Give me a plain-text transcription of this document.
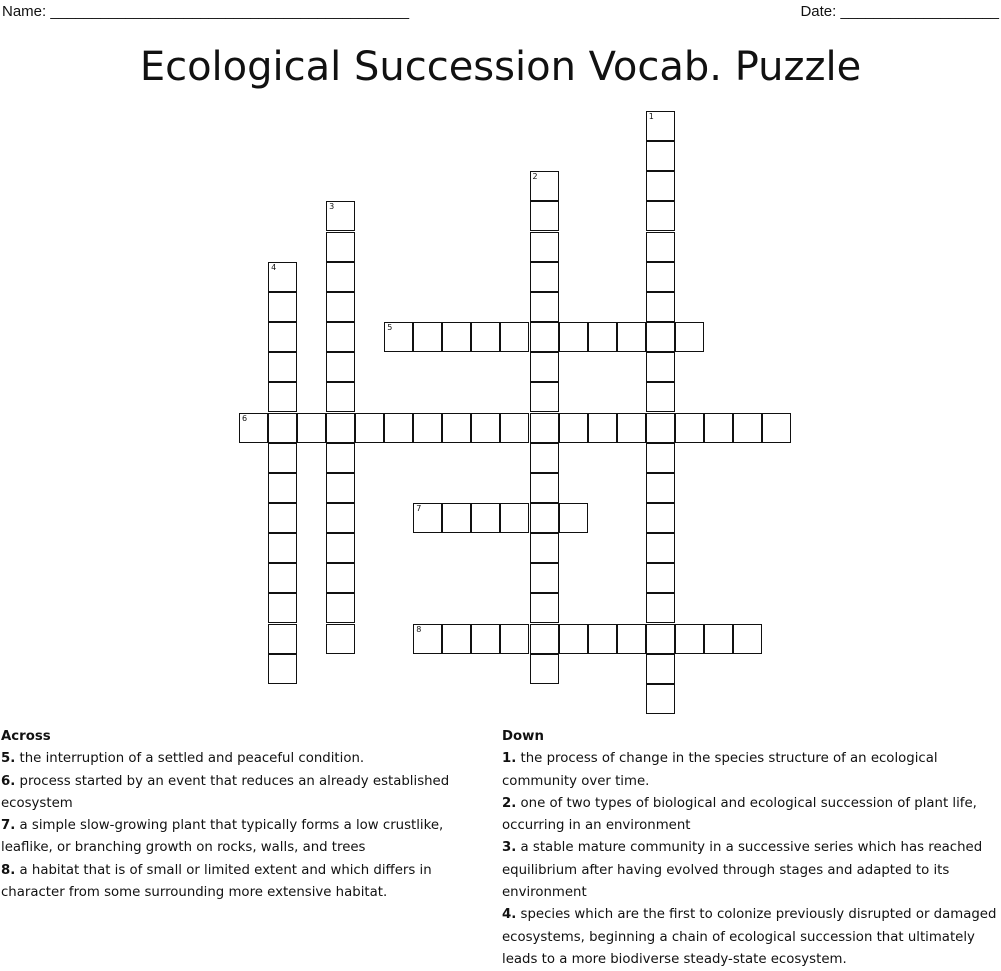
Name: ___________________________________________	Date: ___________________
Ecological Succession Vocab. Puzzle
1
2
3
4
5
6
7
8
Across

5. the interruption of a settled and peaceful condition.

6. process started by an event that reduces an already established ecosystem

7. a simple slow-growing plant that typically forms a low crustlike, leaflike, or branching growth on rocks, walls, and trees

8. a habitat that is of small or limited extent and which differs in character from some surrounding more extensive habitat.

Down

1. the process of change in the species structure of an ecological community over time.

2. one of two types of biological and ecological succession of plant life, occurring in an environment

3. a stable mature community in a successive series which has reached equilibrium after having evolved through stages and adapted to its environment

4. species which are the first to colonize previously disrupted or damaged ecosystems, beginning a chain of ecological succession that ultimately leads to a more biodiverse steady-state ecosystem.
